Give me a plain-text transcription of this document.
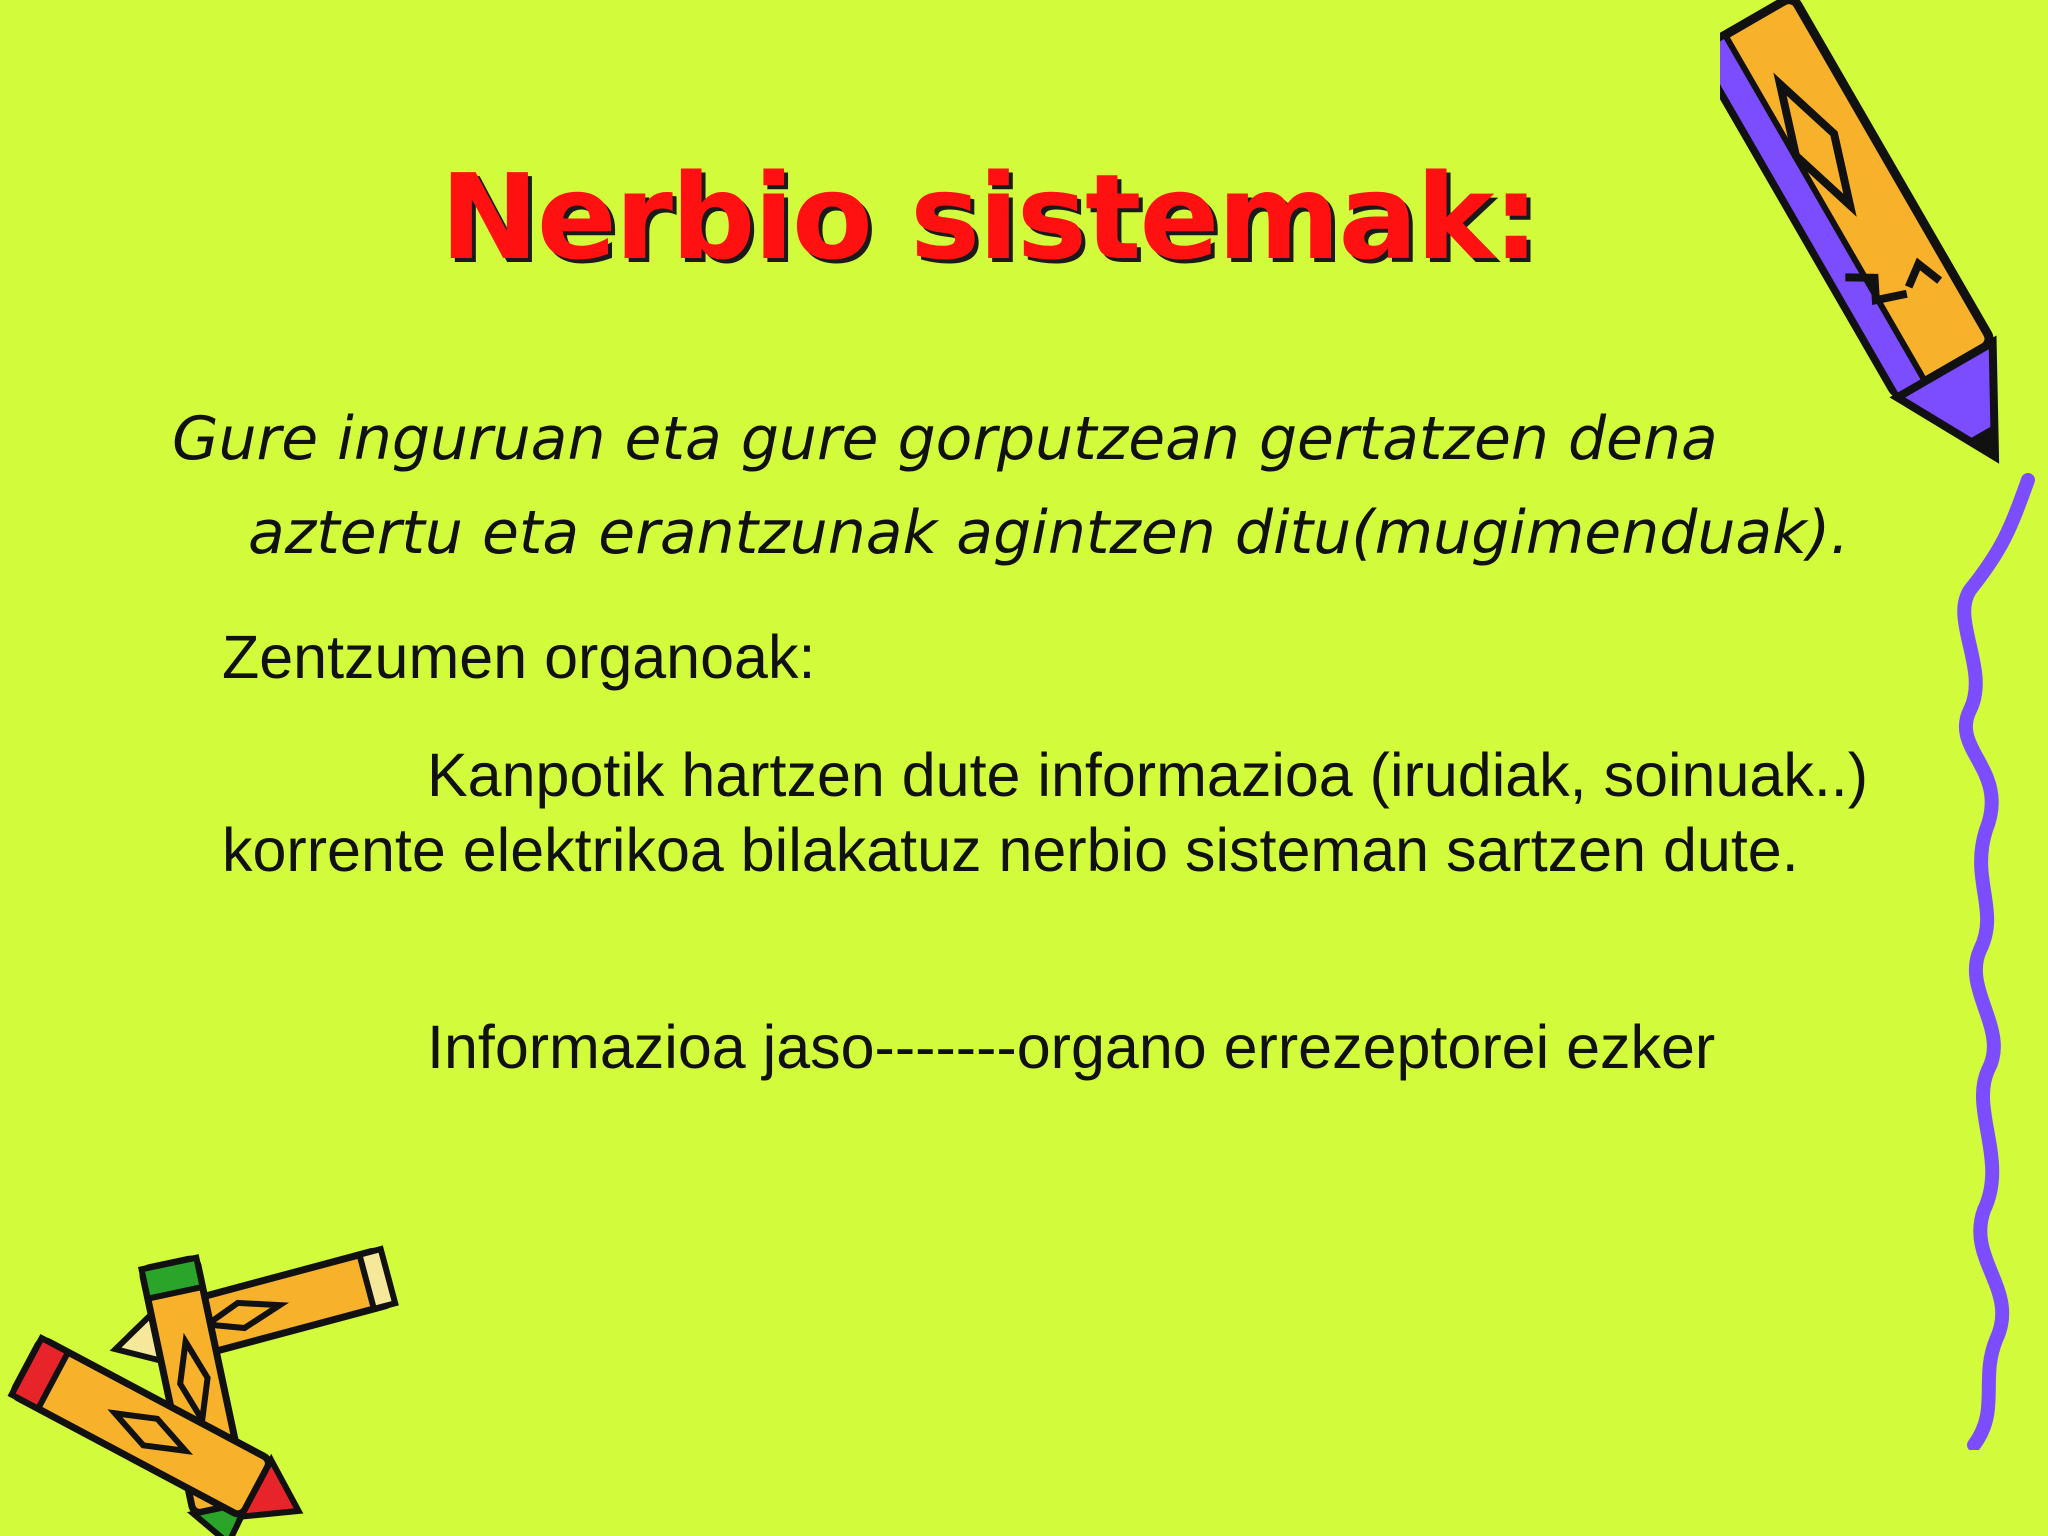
Nerbio sistemak:

Gure inguruan eta gure gorputzean gertatzen dena
aztertu eta erantzunak agintzen ditu(mugimenduak).

Zentzumen organoak:

Kanpotik hartzen dute informazioa (irudiak, soinuak..) korrente elektrikoa bilakatuz nerbio sisteman sartzen dute.

Informazioa jaso-------organo errezeptorei ezker
